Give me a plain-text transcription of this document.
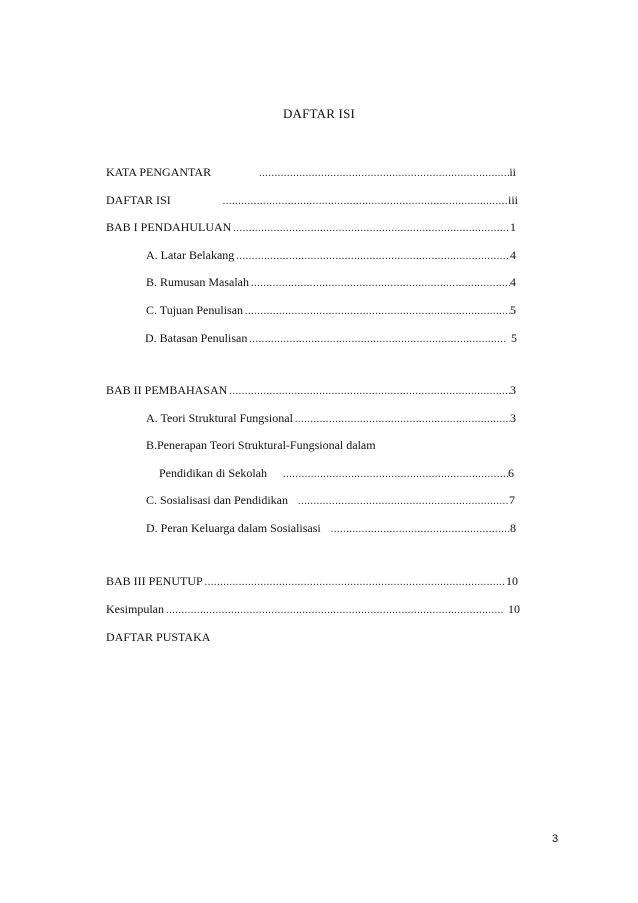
DAFTAR ISI
KATA PENGANTAR .....	ii
DAFTAR ISI .....	iii
BAB I PENDAHULUAN .....	1
A. Latar Belakang .....	4
B. Rumusan Masalah .....	4
C. Tujuan Penulisan .....	5
D. Batasan Penulisan .....	5
BAB II PEMBAHASAN .....	3
A. Teori Struktural Fungsional .....	3
B.Penerapan Teori Struktural-Fungsional dalam
Pendidikan di Sekolah .....	6
C. Sosialisasi dan Pendidikan .....	7
D. Peran Keluarga dalam Sosialisasi .....	8
BAB III PENUTUP .....	10
Kesimpulan .....	10
DAFTAR PUSTAKA
3
